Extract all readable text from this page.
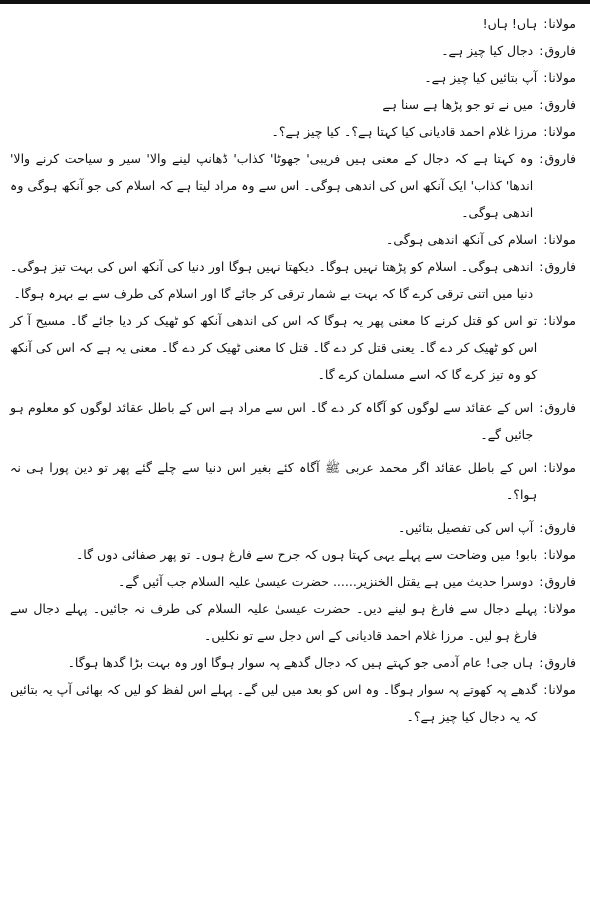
مولانا :
ہاں! ہاں!
فاروق :
دجال کیا چیز ہے۔
مولانا :
آپ بتائیں کیا چیز ہے۔
فاروق :
میں نے تو جو پڑھا ہے سنا ہے
مولانا :
مرزا غلام احمد قادیانی کیا کہتا ہے؟۔ کیا چیز ہے؟۔
فاروق :
وہ کہتا ہے کہ دجال کے معنی ہیں فریبی' جھوٹا' کذاب' ڈھانپ لینے والا' سیر و سیاحت کرنے والا' اندھا' کذاب' ایک آنکھ اس کی اندھی ہوگی۔ اس سے وہ مراد لیتا ہے کہ اسلام کی جو آنکھ ہوگی وہ اندھی ہوگی۔
مولانا :
اسلام کی آنکھ اندھی ہوگی۔
فاروق :
اندھی ہوگی۔ اسلام کو پڑھتا نہیں ہوگا۔ دیکھتا نہیں ہوگا اور دنیا کی آنکھ اس کی بہت تیز ہوگی۔ دنیا میں اتنی ترقی کرے گا کہ بہت بے شمار ترقی کر جائے گا اور اسلام کی طرف سے بے بہرہ ہوگا۔
مولانا :
تو اس کو قتل کرنے کا معنی پھر یہ ہوگا کہ اس کی اندھی آنکھ کو ٹھیک کر دیا جائے گا۔ مسیح آ کر اس کو ٹھیک کر دے گا۔ یعنی قتل کر دے گا۔ قتل کا معنی ٹھیک کر دے گا۔ معنی یہ ہے کہ اس کی آنکھ کو وہ تیز کرے گا کہ اسے مسلمان کرے گا۔
فاروق :
اس کے عقائد سے لوگوں کو آگاہ کر دے گا۔ اس سے مراد ہے اس کے باطل عقائد لوگوں کو معلوم ہو جائیں گے۔
مولانا :
اس کے باطل عقائد اگر محمد عربی ﷺ آگاہ کئے بغیر اس دنیا سے چلے گئے پھر تو دین پورا ہی نہ ہوا؟۔
فاروق :
آپ اس کی تفصیل بتائیں۔
مولانا :
بابو! میں وضاحت سے پہلے یہی کہتا ہوں کہ جرح سے فارغ ہوں۔ تو پھر صفائی دوں گا۔
فاروق :
دوسرا حدیث میں ہے یقتل الخنزیر...... حضرت عیسیٰ علیہ السلام جب آئیں گے۔
مولانا :
پہلے دجال سے فارغ ہو لینے دیں۔ حضرت عیسیٰ علیہ السلام کی طرف نہ جائیں۔ پہلے دجال سے فارغ ہو لیں۔ مرزا غلام احمد قادیانی کے اس دجل سے تو نکلیں۔
فاروق :
ہاں جی! عام آدمی جو کہتے ہیں کہ دجال گدھے پہ سوار ہوگا اور وہ بہت بڑا گدھا ہوگا۔
مولانا :
گدھے پہ کھوتے پہ سوار ہوگا۔ وہ اس کو بعد میں لیں گے۔ پہلے اس لفظ کو لیں کہ بھائی آپ یہ بتائیں کہ یہ دجال کیا چیز ہے؟۔
